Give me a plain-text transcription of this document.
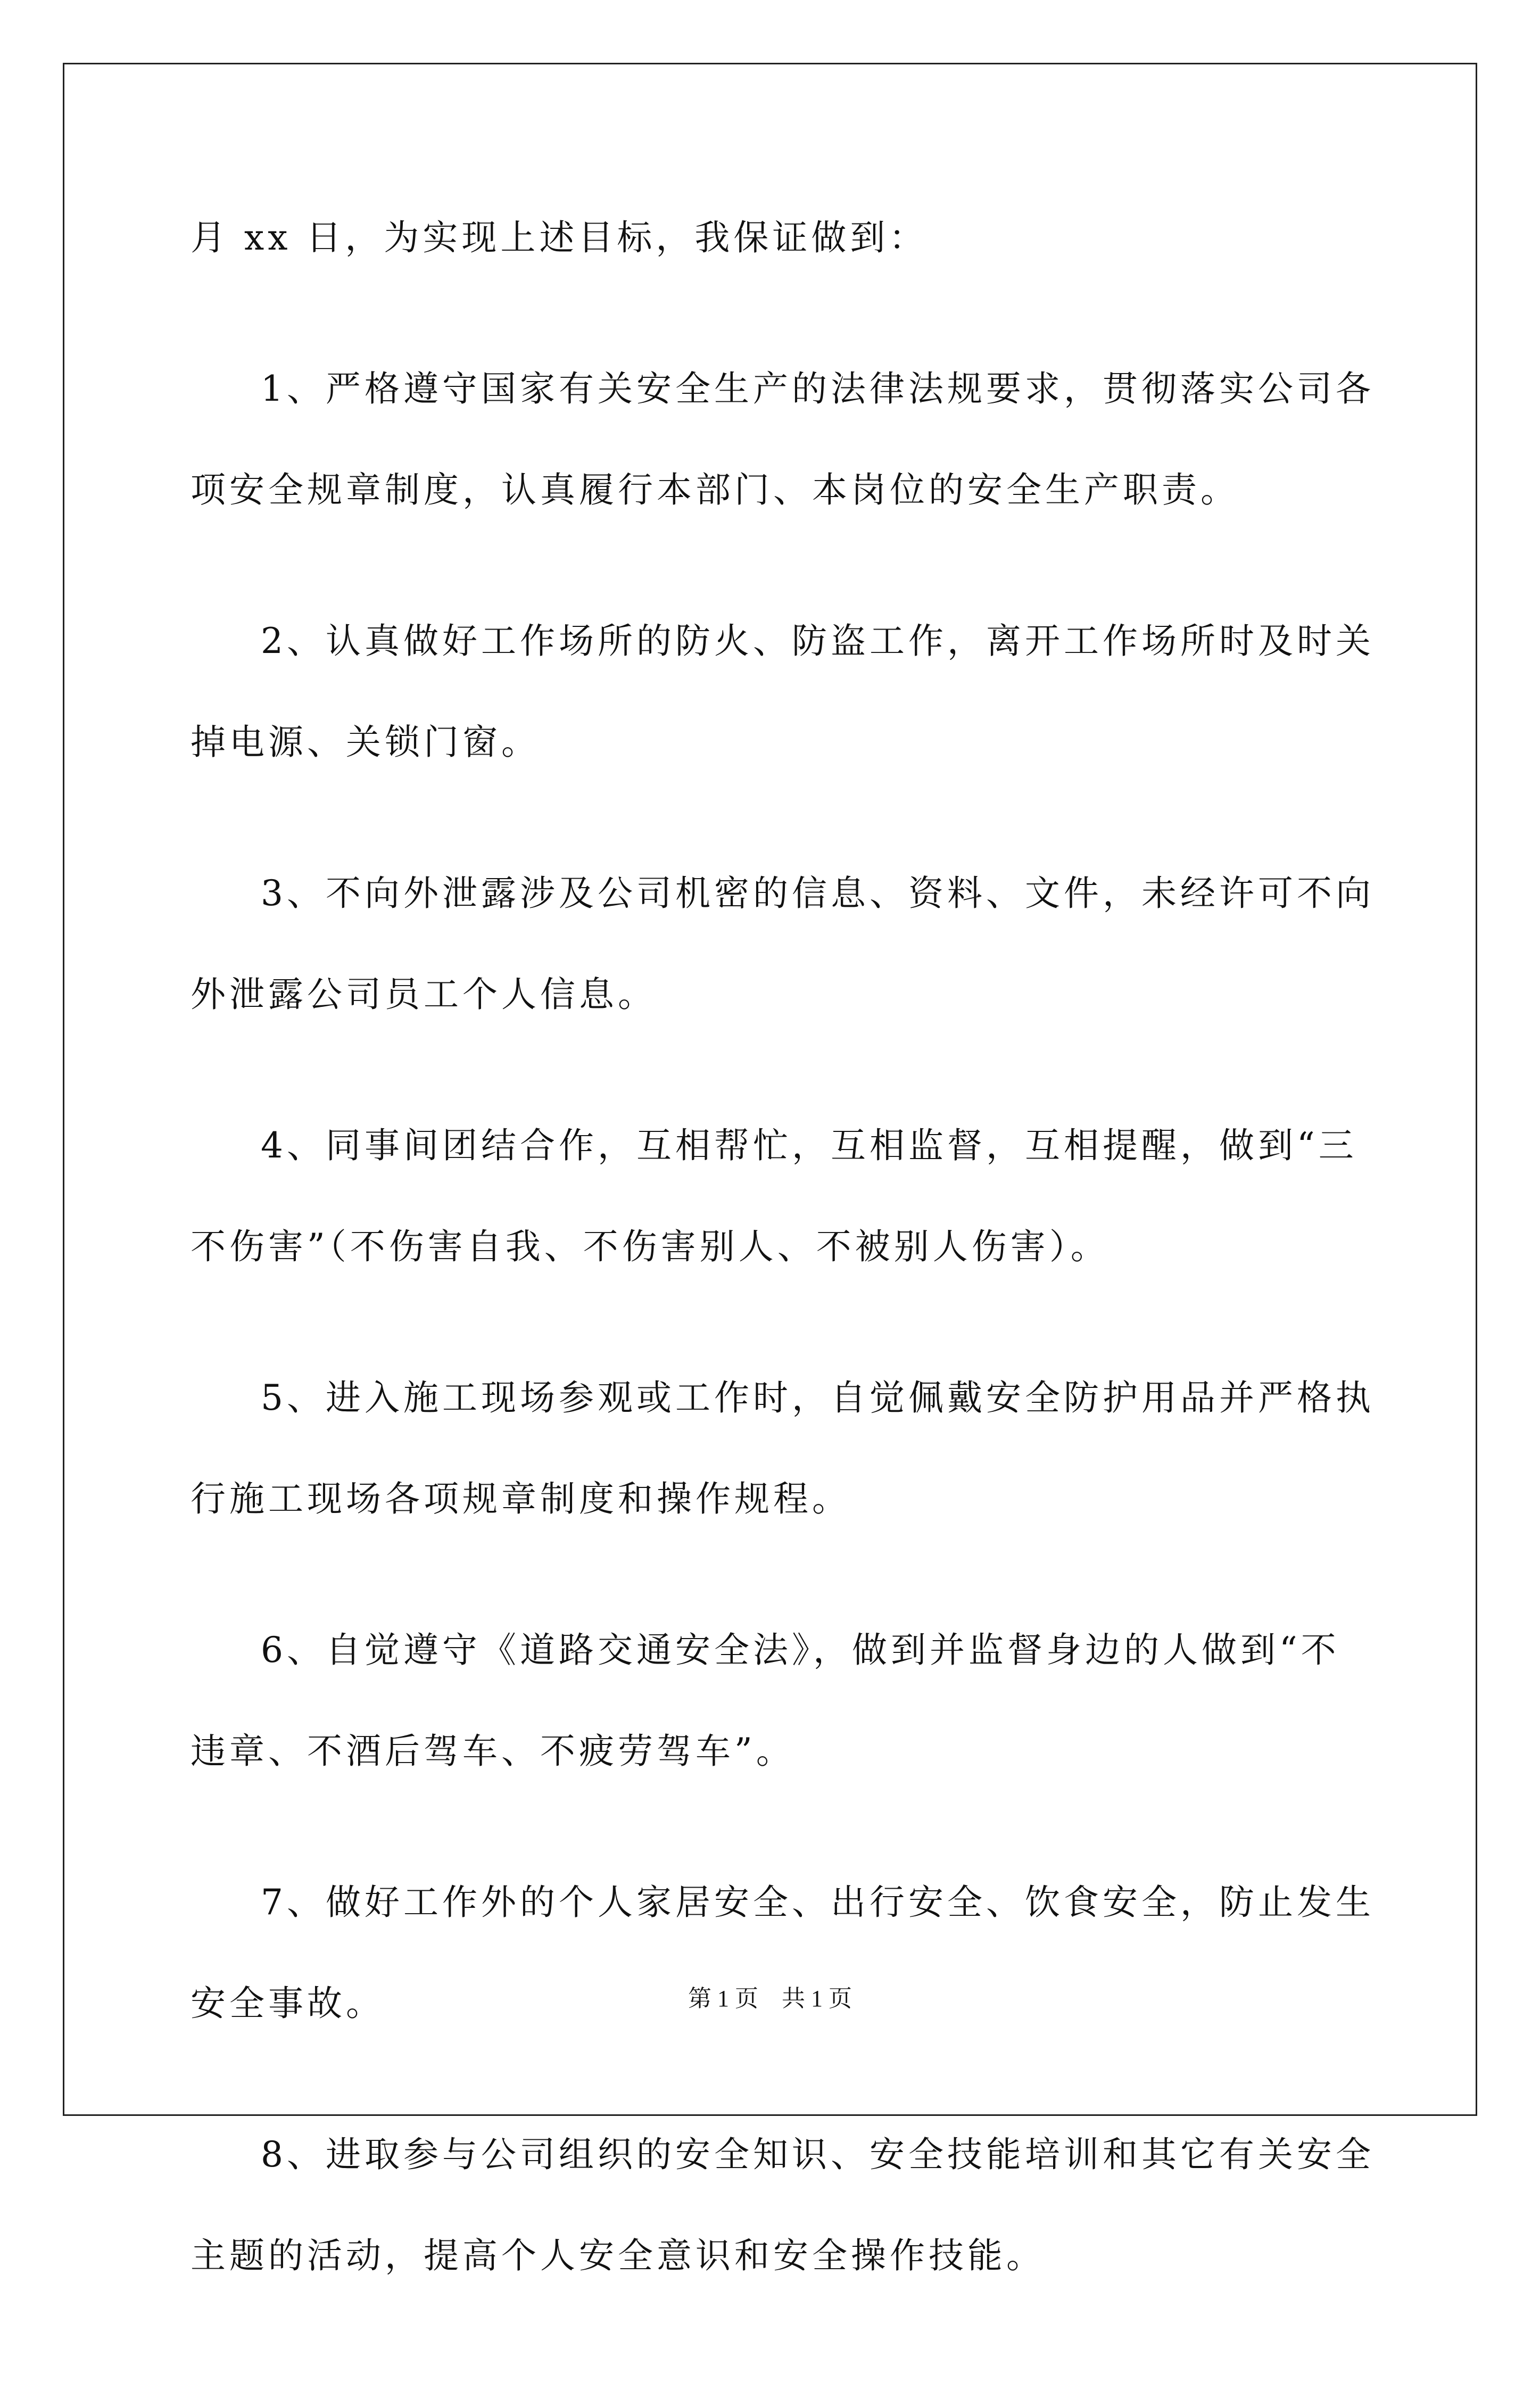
月 xx 日，为实现上述目标，我保证做到：

1、严格遵守国家有关安全生产的法律法规要求，贯彻落实公司各

项安全规章制度，认真履行本部门、本岗位的安全生产职责。

2、认真做好工作场所的防火、防盗工作，离开工作场所时及时关

掉电源、关锁门窗。

3、不向外泄露涉及公司机密的信息、资料、文件，未经许可不向

外泄露公司员工个人信息。

4、同事间团结合作，互相帮忙，互相监督，互相提醒，做到“三

不伤害”（不伤害自我、不伤害别人、不被别人伤害）。

5、进入施工现场参观或工作时，自觉佩戴安全防护用品并严格执

行施工现场各项规章制度和操作规程。

6、自觉遵守《道路交通安全法》，做到并监督身边的人做到“不

违章、不酒后驾车、不疲劳驾车”。

7、做好工作外的个人家居安全、出行安全、饮食安全，防止发生

安全事故。

8、进取参与公司组织的安全知识、安全技能培训和其它有关安全

主题的活动，提高个人安全意识和安全操作技能。

第 1 页　共 1 页
